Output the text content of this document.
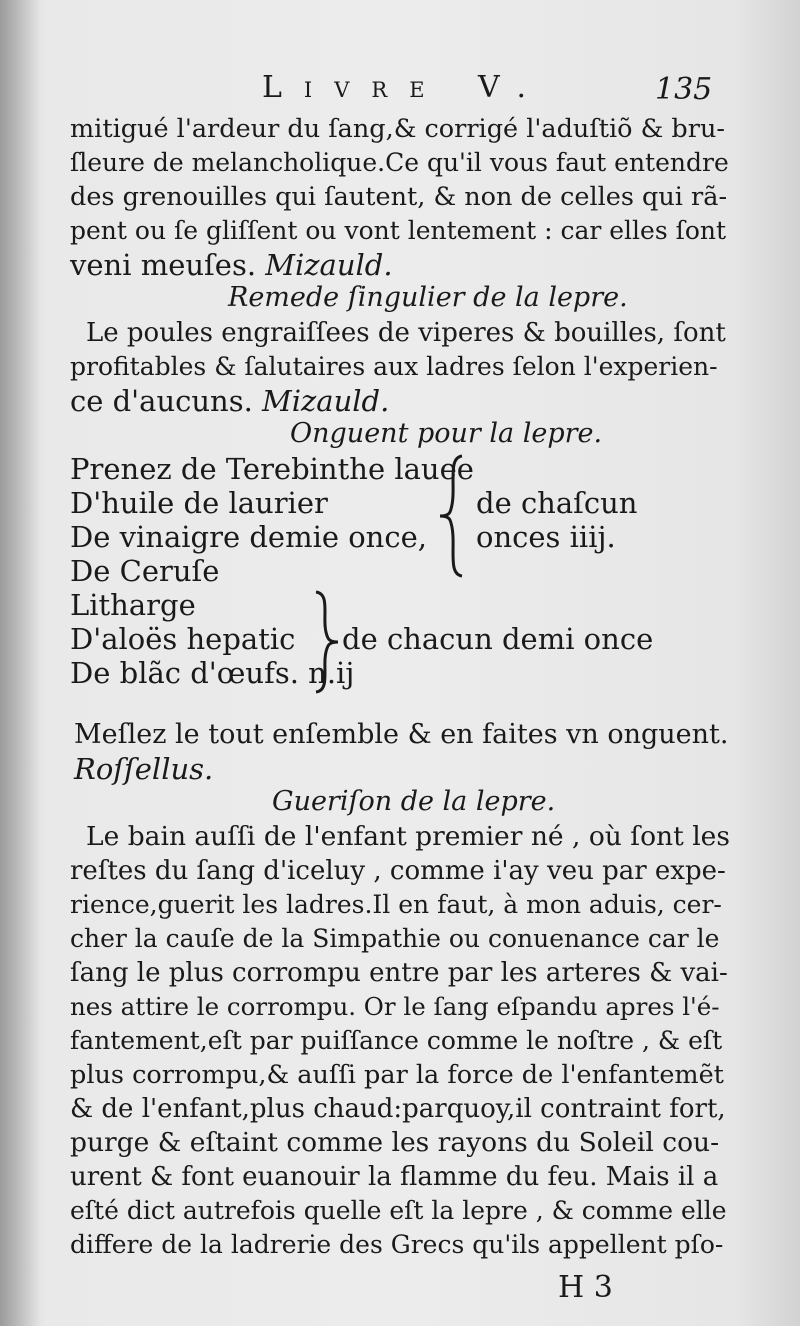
Livre V.	135
mitigué l'ardeur du ſang,& corrigé l'aduſtiõ & bru-
ſleure de melancholique.Ce qu'il vous faut entendre
des grenouilles qui ſautent, & non de celles qui rã-
pent ou ſe gliſſent ou vont lentement : car elles ſont
veni meuſes. Mizauld.
Remede ſingulier de la lepre.
Le poules engraiſſees de viperes & bouilles, ſont
profitables & ſalutaires aux ladres ſelon l'experien-
ce d'aucuns. Mizauld.
Onguent pour la lepre.
Prenez de Terebinthe lauee
D'huile de laurier
De vinaigre demie once,
De Ceruſe
de chaſcun
onces iiij.
Litharge
D'aloës hepatic
De blãc d'œufs. n.ij
de chacun demi once
Meſlez le tout enſemble & en faites vn onguent.
Roſſellus.
Gueriſon de la lepre.
Le bain auſſi de l'enfant premier né , où ſont les
reſtes du ſang d'iceluy , comme i'ay veu par expe-
rience,guerit les ladres.Il en faut, à mon aduis, cer-
cher la cauſe de la Simpathie ou conuenance car le
ſang le plus corrompu entre par les arteres & vai-
nes attire le corrompu. Or le ſang eſpandu apres l'é-
fantement,eſt par puiſſance comme le noſtre , & eſt
plus corrompu,& auſſi par la force de l'enfantemẽt
& de l'enfant,plus chaud:parquoy,il contraint fort,
purge & eſtaint comme les rayons du Soleil cou-
urent & font euanouir la flamme du feu. Mais il a
eſté dict autrefois quelle eſt la lepre , & comme elle
differe de la ladrerie des Grecs qu'ils appellent pſo-
H 3
